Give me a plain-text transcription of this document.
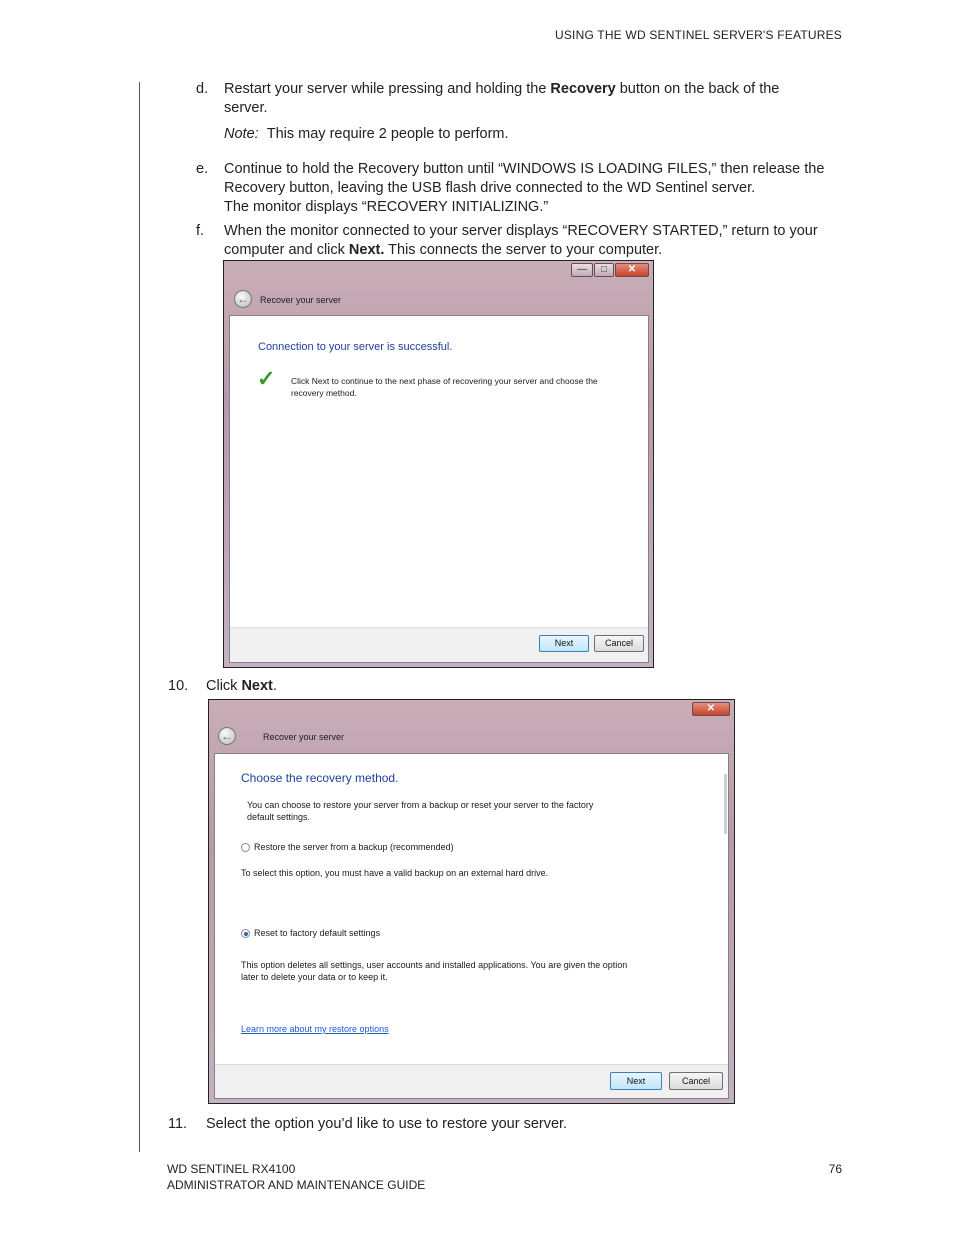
USING THE WD SENTINEL SERVER'S FEATURES
d. Restart your server while pressing and holding the Recovery button on the back of the
server.
Note: This may require 2 people to perform.
e. Continue to hold the Recovery button until “WINDOWS IS LOADING FILES,” then release the
Recovery button, leaving the USB flash drive connected to the WD Sentinel server.
The monitor displays “RECOVERY INITIALIZING.”
f. When the monitor connected to your server displays “RECOVERY STARTED,” return to your
computer and click Next. This connects the server to your computer.
—	□	✕
←	Recover your server
Connection to your server is successful.
✓ Click Next to continue to the next phase of recovering your server and choose the
recovery method.
Next	Cancel
10. Click Next.
✕
←	Recover your server
Choose the recovery method.
You can choose to restore your server from a backup or reset your server to the factory
default settings.
Restore the server from a backup (recommended)
To select this option, you must have a valid backup on an external hard drive.
Reset to factory default settings
This option deletes all settings, user accounts and installed applications. You are given the option
later to delete your data or to keep it.
Learn more about my restore options
Next	Cancel
11. Select the option you’d like to use to restore your server.
WD SENTINEL RX4100
ADMINISTRATOR AND MAINTENANCE GUIDE
76
